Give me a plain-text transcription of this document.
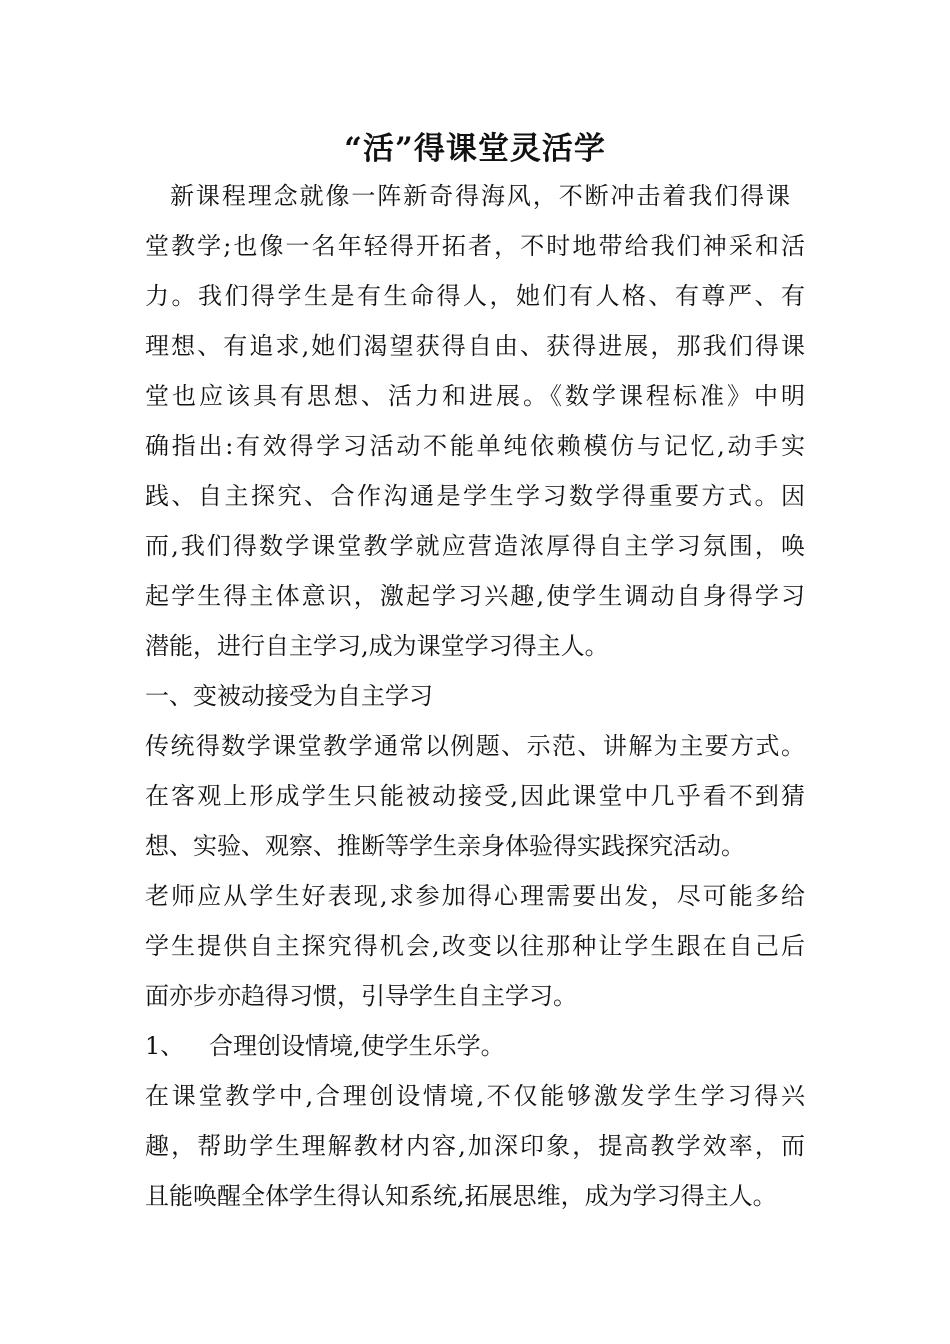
“活”得课堂灵活学
新课程理念就像一阵新奇得海风，不断冲击着我们得课
堂教学;也像一名年轻得开拓者，不时地带给我们神采和活
力。我们得学生是有生命得人，她们有人格、有尊严、有
理想、有追求,她们渴望获得自由、获得进展，那我们得课
堂也应该具有思想、活力和进展。《数学课程标准》中明
确指出:有效得学习活动不能单纯依赖模仿与记忆,动手实
践、自主探究、合作沟通是学生学习数学得重要方式。因
而,我们得数学课堂教学就应营造浓厚得自主学习氛围，唤
起学生得主体意识，激起学习兴趣,使学生调动自身得学习
潜能，进行自主学习,成为课堂学习得主人。
一、变被动接受为自主学习
传统得数学课堂教学通常以例题、示范、讲解为主要方式。
在客观上形成学生只能被动接受,因此课堂中几乎看不到猜
想、实验、观察、推断等学生亲身体验得实践探究活动。
老师应从学生好表现,求参加得心理需要出发，尽可能多给
学生提供自主探究得机会,改变以往那种让学生跟在自己后
面亦步亦趋得习惯，引导学生自主学习。
1、 合理创设情境,使学生乐学。
在课堂教学中,合理创设情境,不仅能够激发学生学习得兴
趣，帮助学生理解教材内容,加深印象，提高教学效率，而
且能唤醒全体学生得认知系统,拓展思维，成为学习得主人。
